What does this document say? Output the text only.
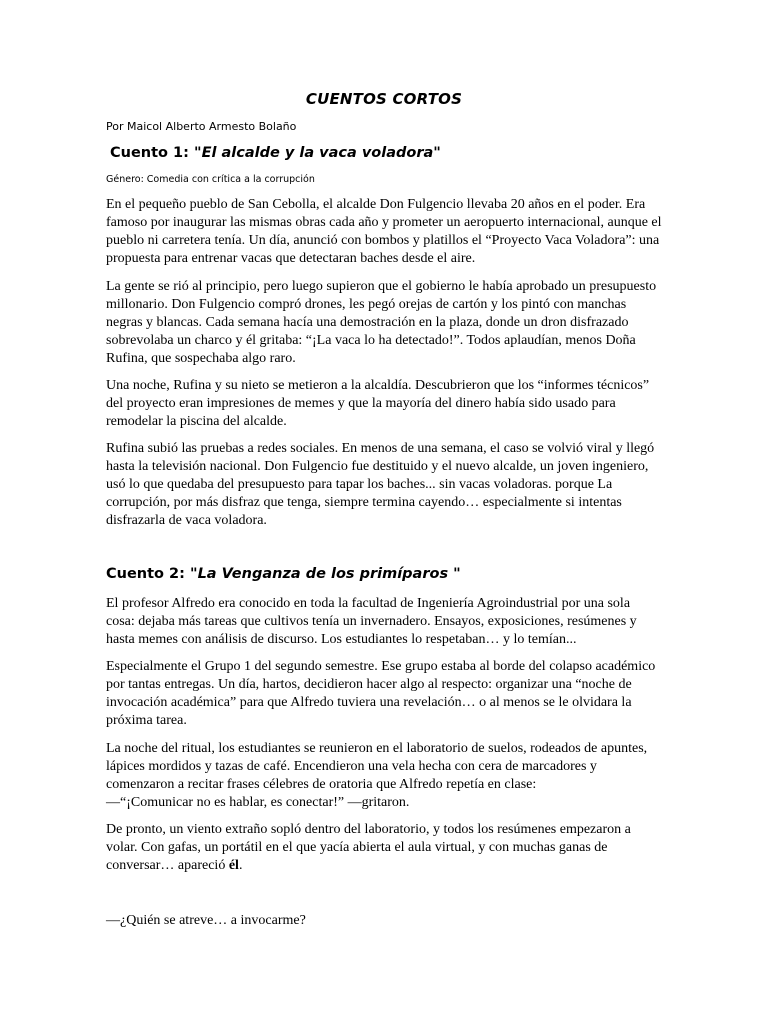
CUENTOS CORTOS
Por Maicol Alberto Armesto Bolaño
Cuento 1: "El alcalde y la vaca voladora"
Género: Comedia con crítica a la corrupción

En el pequeño pueblo de San Cebolla, el alcalde Don Fulgencio llevaba 20 años en el poder. Era famoso por inaugurar las mismas obras cada año y prometer un aeropuerto internacional, aunque el pueblo ni carretera tenía. Un día, anunció con bombos y platillos el “Proyecto Vaca Voladora”: una propuesta para entrenar vacas que detectaran baches desde el aire.

La gente se rió al principio, pero luego supieron que el gobierno le había aprobado un presupuesto millonario. Don Fulgencio compró drones, les pegó orejas de cartón y los pintó con manchas negras y blancas. Cada semana hacía una demostración en la plaza, donde un dron disfrazado sobrevolaba un charco y él gritaba: “¡La vaca lo ha detectado!”. Todos aplaudían, menos Doña Rufina, que sospechaba algo raro.

Una noche, Rufina y su nieto se metieron a la alcaldía. Descubrieron que los “informes técnicos” del proyecto eran impresiones de memes y que la mayoría del dinero había sido usado para remodelar la piscina del alcalde.

Rufina subió las pruebas a redes sociales. En menos de una semana, el caso se volvió viral y llegó hasta la televisión nacional. Don Fulgencio fue destituido y el nuevo alcalde, un joven ingeniero, usó lo que quedaba del presupuesto para tapar los baches... sin vacas voladoras. porque La corrupción, por más disfraz que tenga, siempre termina cayendo… especialmente si intentas disfrazarla de vaca voladora.

Cuento 2: "La Venganza de los primíparos "

El profesor Alfredo era conocido en toda la facultad de Ingeniería Agroindustrial por una sola cosa: dejaba más tareas que cultivos tenía un invernadero. Ensayos, exposiciones, resúmenes y hasta memes con análisis de discurso. Los estudiantes lo respetaban… y lo temían...

Especialmente el Grupo 1 del segundo semestre. Ese grupo estaba al borde del colapso académico por tantas entregas. Un día, hartos, decidieron hacer algo al respecto: organizar una “noche de invocación académica” para que Alfredo tuviera una revelación… o al menos se le olvidara la próxima tarea.

La noche del ritual, los estudiantes se reunieron en el laboratorio de suelos, rodeados de apuntes, lápices mordidos y tazas de café. Encendieron una vela hecha con cera de marcadores y comenzaron a recitar frases célebres de oratoria que Alfredo repetía en clase:

—“¡Comunicar no es hablar, es conectar!” —gritaron.

De pronto, un viento extraño sopló dentro del laboratorio, y todos los resúmenes empezaron a volar. Con gafas, un portátil en el que yacía abierta el aula virtual, y con muchas ganas de conversar… apareció él.

—¿Quién se atreve… a invocarme?
